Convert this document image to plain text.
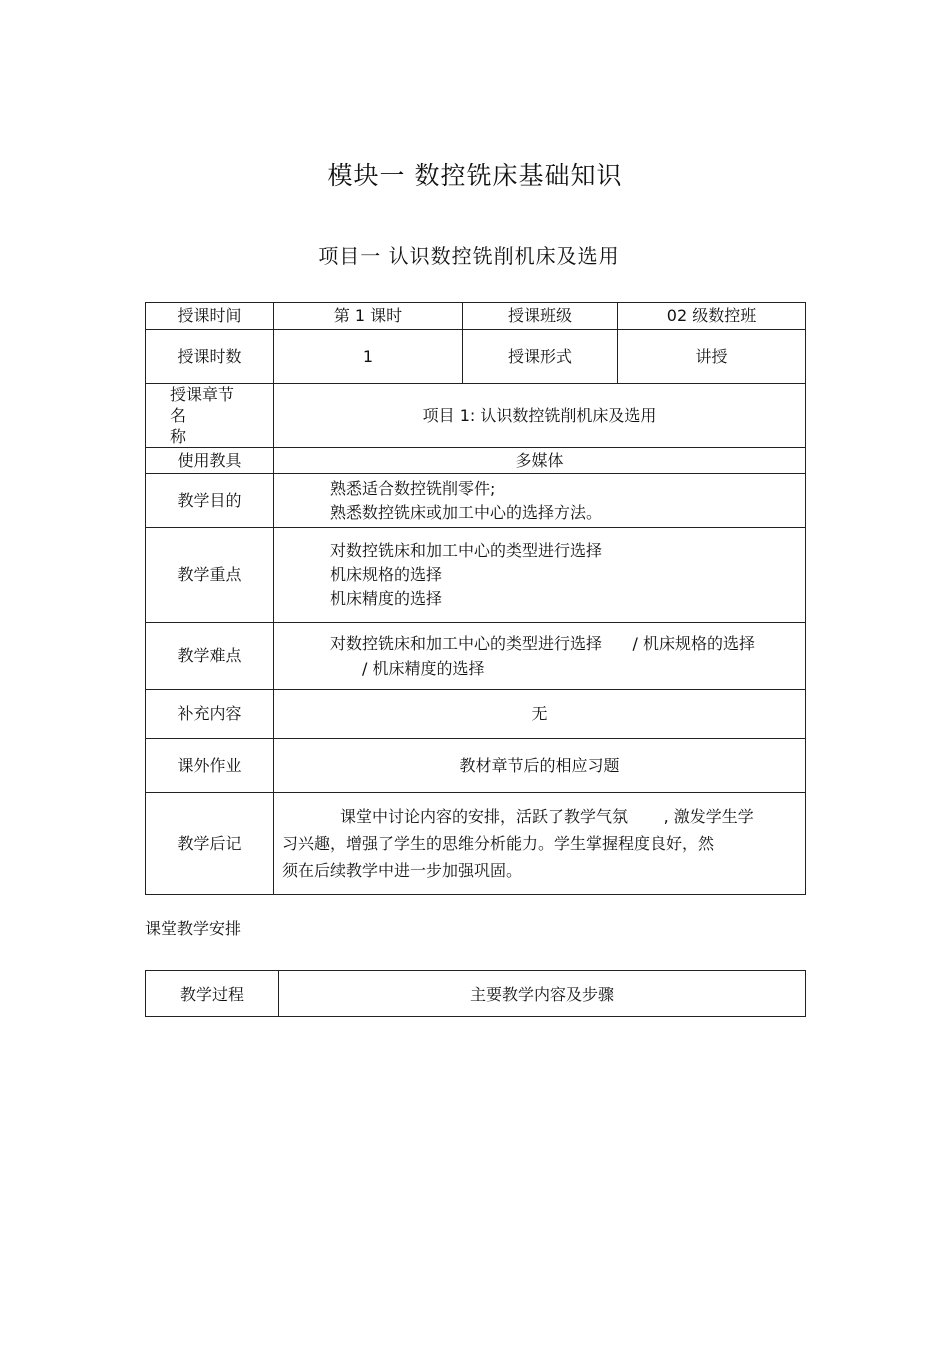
模块一 数控铣床基础知识
项目一 认识数控铣削机床及选用
授课时间	第 1 课时	授课班级	02 级数控班
授课时数	1	授课形式	讲授

授课章节
名称	项目 1: 认识数控铣削机床及选用		
使用教具	多媒体		
教学目的	熟悉适合数控铣削零件;
熟悉数控铣床或加工中心的选择方法。		

教学重点	对数控铣床和加工中心的类型进行选择
机床规格的选择
机床精度的选择		

教学难点	对数控铣床和加工中心的类型进行选择      / 机床规格的选择
/ 机床精度的选择		

补充内容	无		
课外作业	教材章节后的相应习题		
教学后记	课堂中讨论内容的安排，活跃了教学气氛       , 激发学生学
习兴趣，增强了学生的思维分析能力。学生掌握程度良好，然
须在后续教学中进一步加强巩固。		
课堂教学安排
教学过程	主要教学内容及步骤
